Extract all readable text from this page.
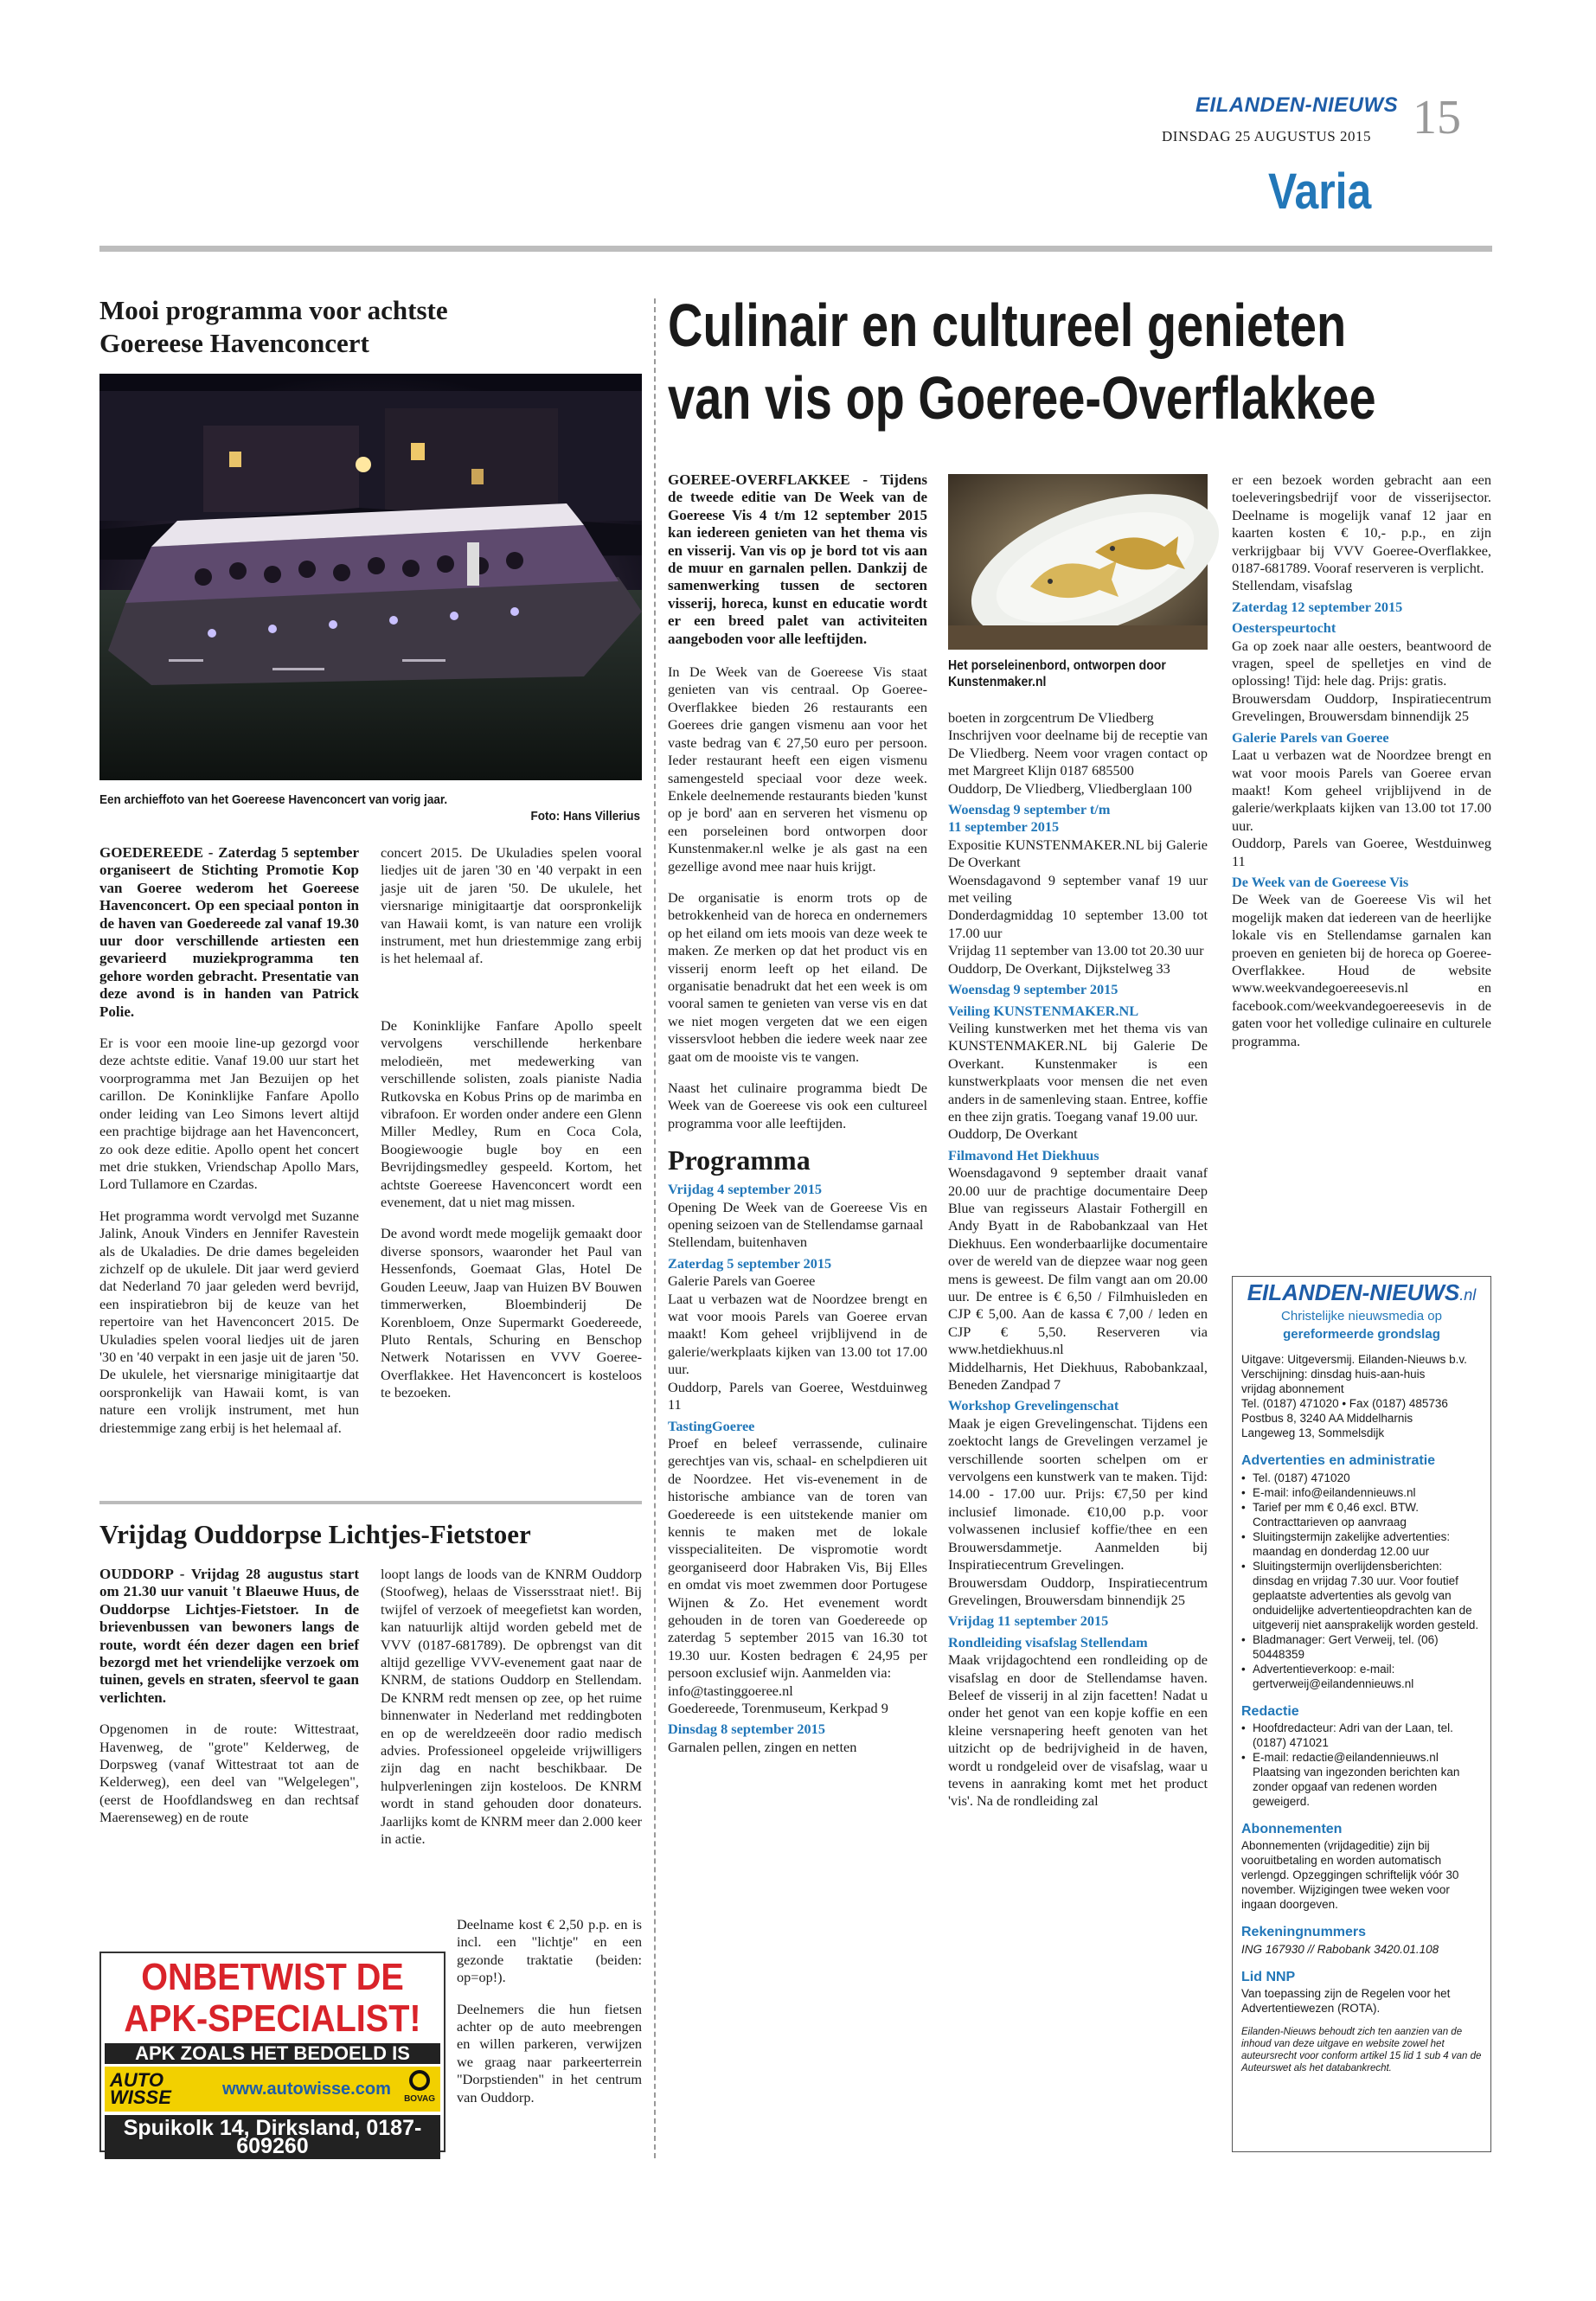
EILANDEN-NIEUWS
DINSDAG 25 AUGUSTUS 2015 15
Varia
Mooi programma voor achtste
Goereese Havenconcert
Een archieffoto van het Goereese Havenconcert van vorig jaar.
Foto: Hans Villerius

GOEDEREEDE - Zaterdag 5 september organiseert de Stichting Promotie Kop van Goeree wederom het Goereese Havenconcert. Op een speciaal ponton in de haven van Goedereede zal vanaf 19.30 uur door verschillende artiesten een gevarieerd muziekprogramma ten gehore worden gebracht. Presentatie van deze avond is in handen van Patrick Polie.

Er is voor een mooie line-up gezorgd voor deze achtste editie. Vanaf 19.00 uur start het voorprogramma met Jan Bezuijen op het carillon. De Koninklijke Fanfare Apollo onder leiding van Leo Simons levert altijd een prachtige bijdrage aan het Havenconcert, zo ook deze editie. Apollo opent het concert met drie stukken, Vriendschap Apollo Mars, Lord Tullamore en Czardas.

Het programma wordt vervolgd met Suzanne Jalink, Anouk Vinders en Jennifer Ravestein als de Ukaladies. De drie dames begeleiden zichzelf op de ukulele. Dit jaar werd gevierd dat Nederland 70 jaar geleden werd bevrijd, een inspiratiebron bij de keuze van het repertoire van het Havenconcert 2015. De Ukuladies spelen vooral liedjes uit de jaren '30 en '40 verpakt in een jasje uit de jaren '50. De ukulele, het viersnarige minigitaartje dat oorspronkelijk van Hawaii komt, is van nature een vrolijk instrument, met hun driestemmige zang erbij is het helemaal af.

concert 2015. De Ukuladies spelen vooral liedjes uit de jaren '30 en '40 verpakt in een jasje uit de jaren '50. De ukulele, het viersnarige minigitaartje dat oorspronkelijk van Hawaii komt, is van nature een vrolijk instrument, met hun driestemmige zang erbij is het helemaal af.

De Koninklijke Fanfare Apollo speelt vervolgens verschillende herkenbare melodieën, met medewerking van verschillende solisten, zoals pianiste Nadia Rutkovska en Kobus Prins op de marimba en vibrafoon. Er worden onder andere een Glenn Miller Medley, Rum en Coca Cola, Boogiewoogie bugle boy en een Bevrijdingsmedley gespeeld. Kortom, het achtste Goereese Havenconcert wordt een evenement, dat u niet mag missen.

De avond wordt mede mogelijk gemaakt door diverse sponsors, waaronder het Paul van Hessenfonds, Goemaat Glas, Hotel De Gouden Leeuw, Jaap van Huizen BV Bouwen timmerwerken, Bloembinderij De Korenbloem, Onze Supermarkt Goedereede, Pluto Rentals, Schuring en Benschop Netwerk Notarissen en VVV Goeree-Overflakkee. Het Havenconcert is kosteloos te bezoeken.

Vrijdag Ouddorpse Lichtjes-Fietstoer

OUDDORP - Vrijdag 28 augustus start om 21.30 uur vanuit 't Blaeuwe Huus, de Ouddorpse Lichtjes-Fietstoer. In de brievenbussen van bewoners langs de route, wordt één dezer dagen een brief bezorgd met het vriendelijke verzoek om tuinen, gevels en straten, sfeervol te gaan verlichten.

Opgenomen in de route: Wittestraat, Havenweg, de "grote" Kelderweg, de Dorpsweg (vanaf Wittestraat tot aan de Kelderweg), een deel van "Welgelegen", (eerst de Hoofdlandsweg en dan rechtsaf Maerenseweg) en de route

loopt langs de loods van de KNRM Ouddorp (Stoofweg), helaas de Vissersstraat niet!. Bij twijfel of verzoek of meegefietst kan worden, kan natuurlijk altijd worden gebeld met de VVV (0187-681789). De opbrengst van dit altijd gezellige VVV-evenement gaat naar de KNRM, de stations Ouddorp en Stellendam. De KNRM redt mensen op zee, op het ruime binnenwater in Nederland met reddingboten en op de wereldzeeën door radio medisch advies. Professioneel opgeleide vrijwilligers zijn dag en nacht beschikbaar. De hulpverleningen zijn kosteloos. De KNRM wordt in stand gehouden door donateurs. Jaarlijks komt de KNRM meer dan 2.000 keer in actie.

Deelname kost € 2,50 p.p. en is incl. een "lichtje" en een gezonde traktatie (beiden: op=op!).

Deelnemers die hun fietsen achter op de auto meebrengen en willen parkeren, verwijzen we graag naar parkeerterrein "Dorpstienden" in het centrum van Ouddorp.

ONBETWIST DE
APK-SPECIALIST!
APK ZOALS HET BEDOELD IS
AUTO WISSE	www.autowisse.com
BOVAG
Spuikolk 14, Dirksland, 0187-609260
Culinair en cultureel genieten
van vis op Goeree-Overflakkee

GOEREE-OVERFLAKKEE - Tijdens de tweede editie van De Week van de Goereese Vis 4 t/m 12 september 2015 kan iedereen genieten van het thema vis en visserij. Van vis op je bord tot vis aan de muur en garnalen pellen. Dankzij de samenwerking tussen de sectoren visserij, horeca, kunst en educatie wordt er een breed palet van activiteiten aangeboden voor alle leeftijden.

In De Week van de Goereese Vis staat genieten van vis centraal. Op Goeree-Overflakkee bieden 26 restaurants een Goerees drie gangen vismenu aan voor het vaste bedrag van € 27,50 euro per persoon. Ieder restaurant heeft een eigen vismenu samengesteld speciaal voor deze week. Enkele deelnemende restaurants bieden 'kunst op je bord' aan en serveren het vismenu op een porseleinen bord ontworpen door Kunstenmaker.nl welke je als gast na een gezellige avond mee naar huis krijgt.

De organisatie is enorm trots op de betrokkenheid van de horeca en ondernemers op het eiland om iets moois van deze week te maken. Ze merken op dat het product vis en visserij enorm leeft op het eiland. De organisatie benadrukt dat het een week is om vooral samen te genieten van verse vis en dat we niet mogen vergeten dat we een eigen vissersvloot hebben die iedere week naar zee gaat om de mooiste vis te vangen.

Naast het culinaire programma biedt De Week van de Goereese vis ook een cultureel programma voor alle leeftijden.

Programma
Vrijdag 4 september 2015
Opening De Week van de Goereese Vis en opening seizoen van de Stellendamse garnaal
Stellendam, buitenhaven
Zaterdag 5 september 2015
Galerie Parels van Goeree
Laat u verbazen wat de Noordzee brengt en wat voor moois Parels van Goeree ervan maakt! Kom geheel vrijblijvend in de galerie/werkplaats kijken van 13.00 tot 17.00 uur.
Ouddorp, Parels van Goeree, Westduinweg 11
TastingGoeree
Proef en beleef verrassende, culinaire gerechtjes van vis, schaal- en schelpdieren uit de Noordzee. Het vis-evenement in de historische ambiance van de toren van Goedereede is een uitstekende manier om kennis te maken met de lokale visspecialiteiten. De vispromotie wordt georganiseerd door Habraken Vis, Bij Elles en omdat vis moet zwemmen door Portugese Wijnen & Zo. Het evenement wordt gehouden in de toren van Goedereede op zaterdag 5 september 2015 van 16.30 tot 19.30 uur. Kosten bedragen € 24,95 per persoon exclusief wijn. Aanmelden via:
info@tastinggoeree.nl
Goedereede, Torenmuseum, Kerkpad 9
Dinsdag 8 september 2015
Garnalen pellen, zingen en netten
Het porseleinenbord, ontworpen door Kunstenmaker.nl
boeten in zorgcentrum De Vliedberg
Inschrijven voor deelname bij de receptie van De Vliedberg. Neem voor vragen contact op met Margreet Klijn 0187 685500
Ouddorp, De Vliedberg, Vliedberglaan 100
Woensdag 9 september t/m
11 september 2015
Expositie KUNSTENMAKER.NL bij Galerie De Overkant
Woensdagavond 9 september vanaf 19 uur met veiling
Donderdagmiddag 10 september 13.00 tot 17.00 uur
Vrijdag 11 september van 13.00 tot 20.30 uur
Ouddorp, De Overkant, Dijkstelweg 33
Woensdag 9 september 2015
Veiling KUNSTENMAKER.NL
Veiling kunstwerken met het thema vis van KUNSTENMAKER.NL bij Galerie De Overkant. Kunstenmaker is een kunstwerkplaats voor mensen die net even anders in de samenleving staan. Entree, koffie en thee zijn gratis. Toegang vanaf 19.00 uur.
Ouddorp, De Overkant
Filmavond Het Diekhuus
Woensdagavond 9 september draait vanaf 20.00 uur de prachtige documentaire Deep Blue van regisseurs Alastair Fothergill en Andy Byatt in de Rabobankzaal van Het Diekhuus. Een wonderbaarlijke documentaire over de wereld van de diepzee waar nog geen mens is geweest. De film vangt aan om 20.00 uur. De entree is € 6,50 / Filmhuisleden en CJP € 5,00. Aan de kassa € 7,00 / leden en CJP € 5,50. Reserveren via www.hetdiekhuus.nl
Middelharnis, Het Diekhuus, Rabobankzaal, Beneden Zandpad 7
Workshop Grevelingenschat
Maak je eigen Grevelingenschat. Tijdens een zoektocht langs de Grevelingen verzamel je verschillende soorten schelpen om er vervolgens een kunstwerk van te maken. Tijd: 14.00 - 17.00 uur. Prijs: €7,50 per kind inclusief limonade. €10,00 p.p. voor volwassenen inclusief koffie/thee en een Brouwersdammetje. Aanmelden bij Inspiratiecentrum Grevelingen.
Brouwersdam Ouddorp, Inspiratiecentrum Grevelingen, Brouwersdam binnendijk 25
Vrijdag 11 september 2015
Rondleiding visafslag Stellendam
Maak vrijdagochtend een rondleiding op de visafslag en door de Stellendamse haven. Beleef de visserij in al zijn facetten! Nadat u onder het genot van een kopje koffie en een kleine versnapering heeft genoten van het uitzicht op de bedrijvigheid in de haven, wordt u rondgeleid over de visafslag, waar u tevens in aanraking komt met het product 'vis'. Na de rondleiding zal
er een bezoek worden gebracht aan een toeleveringsbedrijf voor de visserijsector. Deelname is mogelijk vanaf 12 jaar en kaarten kosten € 10,- p.p., en zijn verkrijgbaar bij VVV Goeree-Overflakkee, 0187-681789. Vooraf reserveren is verplicht.
Stellendam, visafslag
Zaterdag 12 september 2015
Oesterspeurtocht
Ga op zoek naar alle oesters, beantwoord de vragen, speel de spelletjes en vind de oplossing! Tijd: hele dag. Prijs: gratis.
Brouwersdam Ouddorp, Inspiratiecentrum Grevelingen, Brouwersdam binnendijk 25
Galerie Parels van Goeree
Laat u verbazen wat de Noordzee brengt en wat voor moois Parels van Goeree ervan maakt! Kom geheel vrijblijvend in de galerie/werkplaats kijken van 13.00 tot 17.00 uur.
Ouddorp, Parels van Goeree, Westduinweg 11
De Week van de Goereese Vis
De Week van de Goereese Vis wil het mogelijk maken dat iedereen van de heerlijke lokale vis en Stellendamse garnalen kan proeven en genieten bij de horeca op Goeree-Overflakkee. Houd de website www.weekvandegoereesevis.nl en facebook.com/weekvandegoereesevis in de gaten voor het volledige culinaire en culturele programma.
EILANDEN-NIEUWS.nl
Christelijke nieuwsmedia op
gereformeerde grondslag
Uitgave: Uitgeversmij. Eilanden-Nieuws b.v.
Verschijning: dinsdag huis-aan-huis
vrijdag abonnement
Tel. (0187) 471020 • Fax (0187) 485736
Postbus 8, 3240 AA Middelharnis
Langeweg 13, Sommelsdijk
Advertenties en administratie
• Tel. (0187) 471020
• E-mail: info@eilandennieuws.nl
• Tarief per mm € 0,46 excl. BTW. Contracttarieven op aanvraag
• Sluitingstermijn zakelijke advertenties: maandag en donderdag 12.00 uur
• Sluitingstermijn overlijdensberichten: dinsdag en vrijdag 7.30 uur. Voor foutief geplaatste advertenties als gevolg van onduidelijke advertentieopdrachten kan de uitgeverij niet aansprakelijk worden gesteld.
• Bladmanager: Gert Verweij, tel. (06) 50448359
• Advertentieverkoop: e-mail: gertverweij@eilandennieuws.nl
Redactie
• Hoofdredacteur: Adri van der Laan, tel. (0187) 471021
• E-mail: redactie@eilandennieuws.nl Plaatsing van ingezonden berichten kan zonder opgaaf van redenen worden geweigerd.
Abonnementen
Abonnementen (vrijdageditie) zijn bij vooruitbetaling en worden automatisch verlengd. Opzeggingen schriftelijk vóór 30 november. Wijzigingen twee weken voor ingaan doorgeven.
Rekeningnummers
ING 167930 // Rabobank 3420.01.108
Lid NNP
Van toepassing zijn de Regelen voor het Advertentiewezen (ROTA).
Eilanden-Nieuws behoudt zich ten aanzien van de inhoud van deze uitgave en website zowel het auteursrecht voor conform artikel 15 lid 1 sub 4 van de Auteurswet als het databankrecht.
